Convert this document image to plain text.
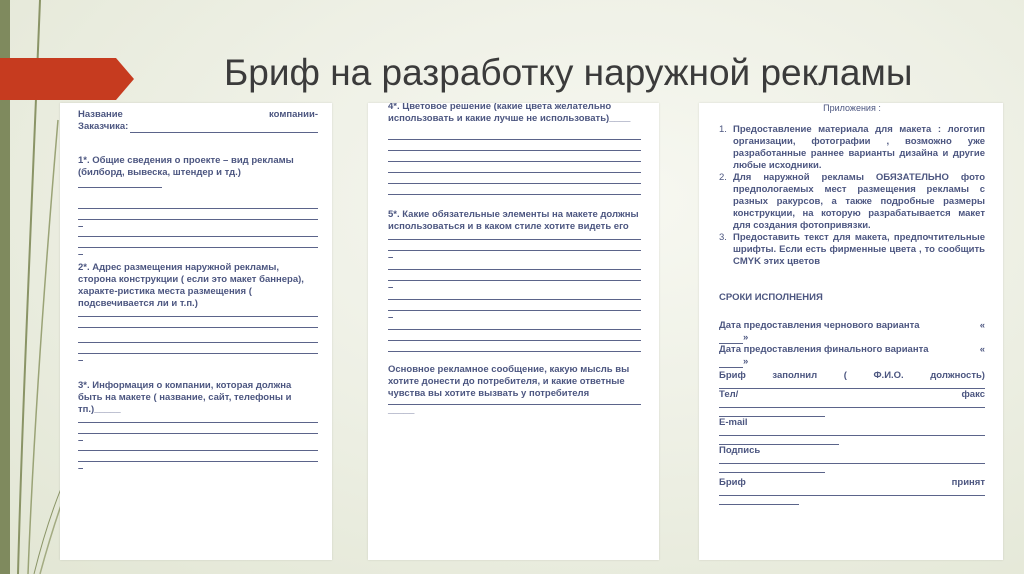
Бриф на разработку наружной рекламы
Название	компании-
Заказчика:

1*. Общие сведения о проекте – вид рекламы (билборд, вывеска, штендер и тд.)

–
–

2*. Адрес размещения наружной рекламы, сторона конструкции ( если это макет баннера), характе-ристика места размещения ( подсвечивается ли и т.п.)

–

3*. Информация о компании, которая должна быть на макете ( название, сайт, телефоны и тп.)_____

–
–

4*. Цветовое решение (какие цвета желательно использовать и какие лучше не использовать)____

5*. Какие обязательные элементы на макете должны использоваться и в каком стиле хотите видеть его

–
–
–

Основное рекламное сообщение, какую мысль вы хотите донести до потребителя, и какие ответные чувства вы хотите вызвать у потребителя

_____
Приложения :
1. Предоставление материала для макета : логотип организации, фотографии , возможно уже разработанные раннее варианты дизайна и другие любые исходники.
2. Для наружной рекламы ОБЯЗАТЕЛЬНО фото предпологаемых мест размещения рекламы с разных ракурсов, а также подробные размеры конструкции, на которую разрабатывается макет для создания фотопривязки.
3. Предоставить текст для макета, предпочтительные шрифты. Если есть фирменные цвета , то сообщить CMYK этих цветов
СРОКИ ИСПОЛНЕНИЯ
Дата предоставления чернового варианта	«
»
Дата предоставления финального варианта	«
»
Бриф	заполнил	(	Ф.И.О.	должность)
Тел/	факс
E-mail
Подпись
Бриф	принят
